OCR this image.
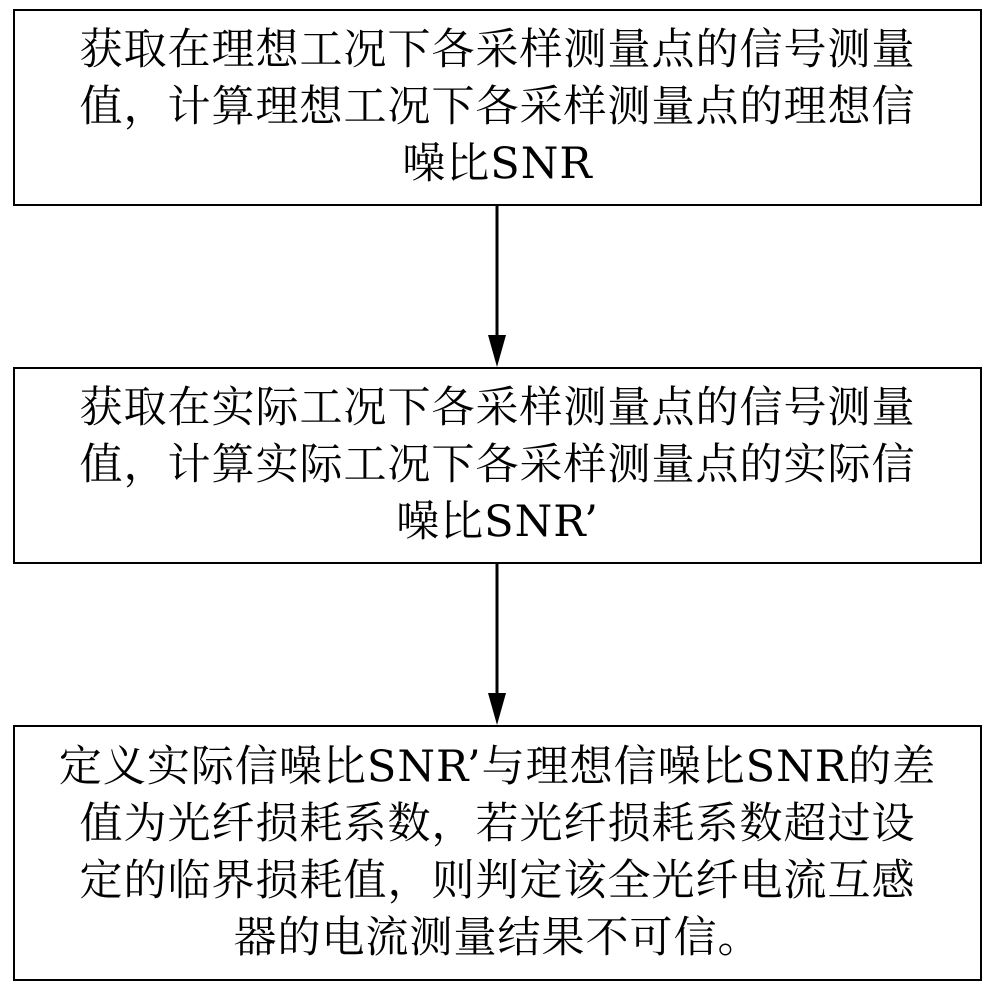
获取在理想工况下各采样测量点的信号测量
值，计算理想工况下各采样测量点的理想信
噪比SNR
获取在实际工况下各采样测量点的信号测量
值，计算实际工况下各采样测量点的实际信
噪比SNR’
定义实际信噪比SNR’与理想信噪比SNR的差
值为光纤损耗系数，若光纤损耗系数超过设
定的临界损耗值，则判定该全光纤电流互感
器的电流测量结果不可信。
